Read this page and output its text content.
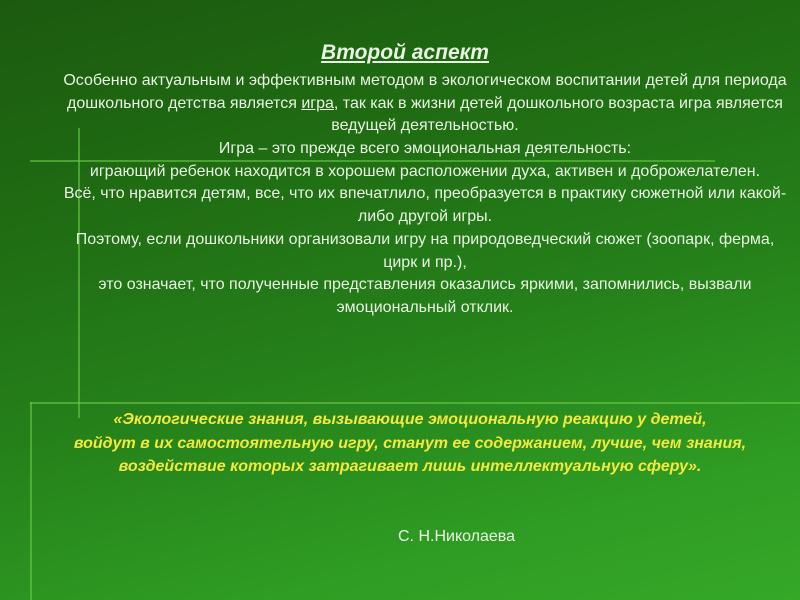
Второй аспект

Особенно актуальным и эффективным методом в экологическом воспитании детей для периода дошкольного детства является игра, так как в жизни детей дошкольного возраста игра является ведущей деятельностью.

Игра – это прежде всего эмоциональная деятельность:

играющий ребенок находится в хорошем расположении духа, активен и доброжелателен.

Всё, что нравится детям, все, что их впечатлило, преобразуется в практику сюжетной или какой-либо другой игры.

Поэтому, если дошкольники организовали игру на природоведческий сюжет (зоопарк, ферма, цирк и пр.),

это означает, что полученные представления оказались яркими, запомнились, вызвали эмоциональный отклик.

«Экологические знания, вызывающие эмоциональную реакцию у детей,
войдут в их самостоятельную игру, станут ее содержанием, лучше, чем знания, воздействие которых затрагивает лишь интеллектуальную сферу».
С. Н.Николаева
